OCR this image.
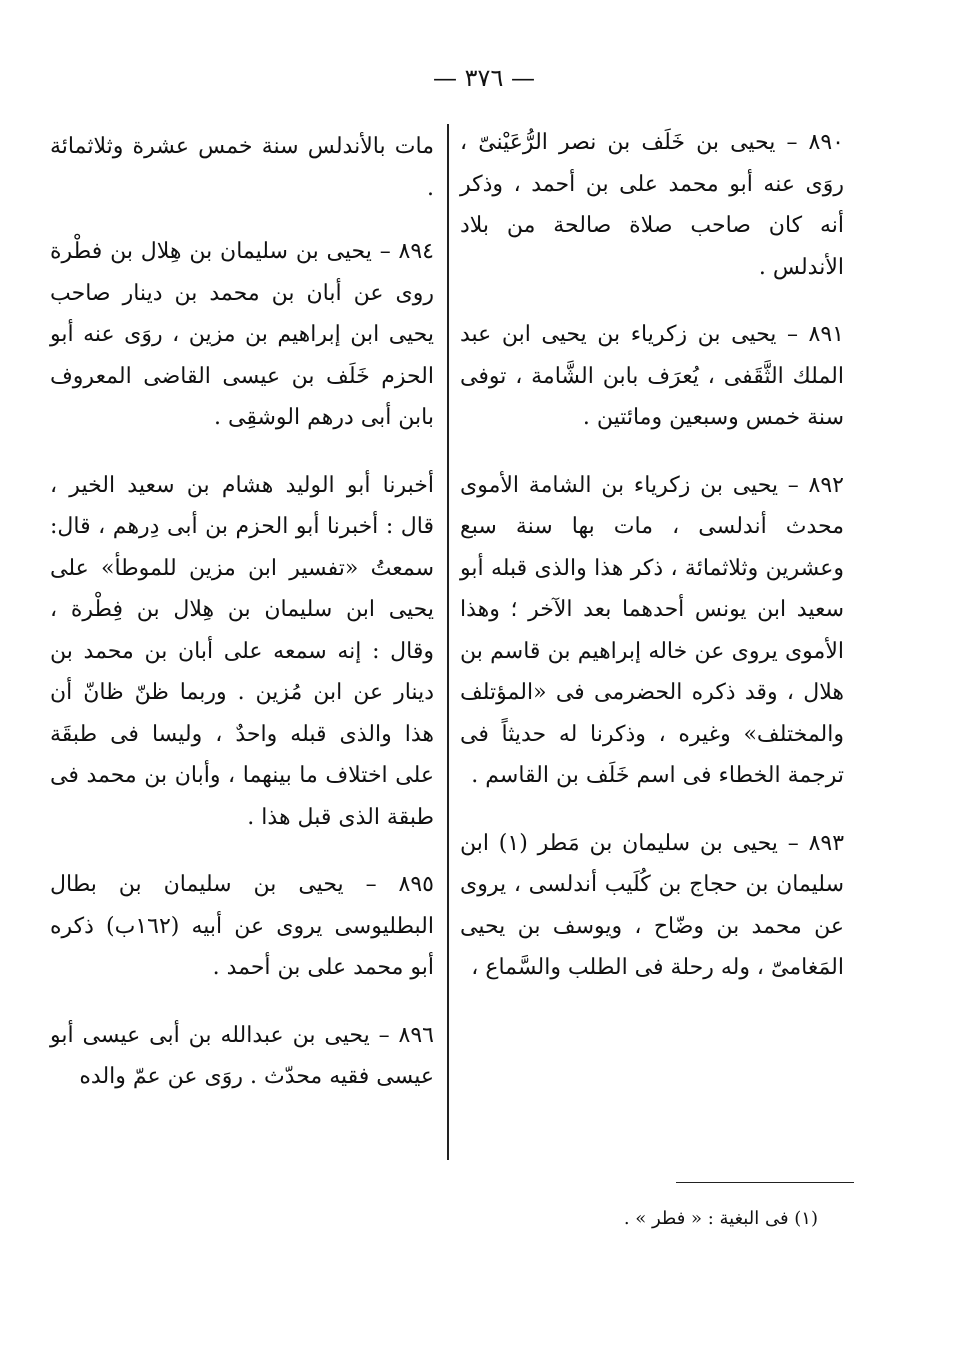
— ٣٧٦ —

٨٩٠ – يحيى بن خَلَف بن نصر الرُّعَيْنىّ ، روَى عنه أبو محمد على بن أحمد ، وذكر أنه كان صاحب صلاة صالحة من بلاد الأندلس .

٨٩١ – يحيى بن زكرياء بن يحيى ابن عبد الملك الثَّقَفى ، يُعرَف بابن الشَّامة ، توفى سنة خمس وسبعين ومائتين .

٨٩٢ – يحيى بن زكرياء بن الشامة الأموى محدث أندلسى ، مات بها سنة سبع وعشرين وثلاثمائة ، ذكر هذا والذى قبله أبو سعيد ابن يونس أحدهما بعد الآخر ؛ وهذا الأموى يروى عن خاله إبراهيم بن قاسم بن هلال ، وقد ذكره الحضرمى فى «المؤتلف والمختلف» وغيره ، وذكرنا له حديثاً فى ترجمة الخطاء فى اسم خَلَف بن القاسم .

٨٩٣ – يحيى بن سليمان بن مَطر (١) ابن سليمان بن حجاج بن كُلَيب أندلسى ، يروى عن محمد بن وضّاح ، ويوسف بن يحيى المَغامىّ ، وله رحلة فى الطلب والسَّماع ،

مات بالأندلس سنة خمس عشرة وثلاثمائة .

٨٩٤ – يحيى بن سليمان بن هِلال بن فطْرة روى عن أبان بن محمد بن دينار صاحب يحيى ابن إبراهيم بن مزين ، روَى عنه أبو الحزم خَلَف بن عيسى القاضى المعروف بابن أبى درهم الوشقِى .

أخبرنا أبو الوليد هشام بن سعيد الخير ، قال : أخبرنا أبو الحزم بن أبى دِرهم ، قال: سمعتُ «تفسير ابن مزين للموطأ» على يحيى ابن سليمان بن هِلال بن فِطْرة ، وقال : إنه سمعه على أبان بن محمد بن دينار عن ابن مُزين . وربما ظنّ ظانّ أن هذا والذى قبله واحدٌ ، وليسا فى طبقَة على اختلاف ما بينهما ، وأبان بن محمد فى طبقة الذى قبل هذا .

٨٩٥ – يحيى بن سليمان بن بطال البطليوسى يروى عن أبيه (١٦٢ب) ذكره أبو محمد على بن أحمد .

٨٩٦ – يحيى بن عبدالله بن أبى عيسى أبو عيسى فقيه محدّث . روَى عن عمّ والده

(١) فى البغية : « فطر » .
